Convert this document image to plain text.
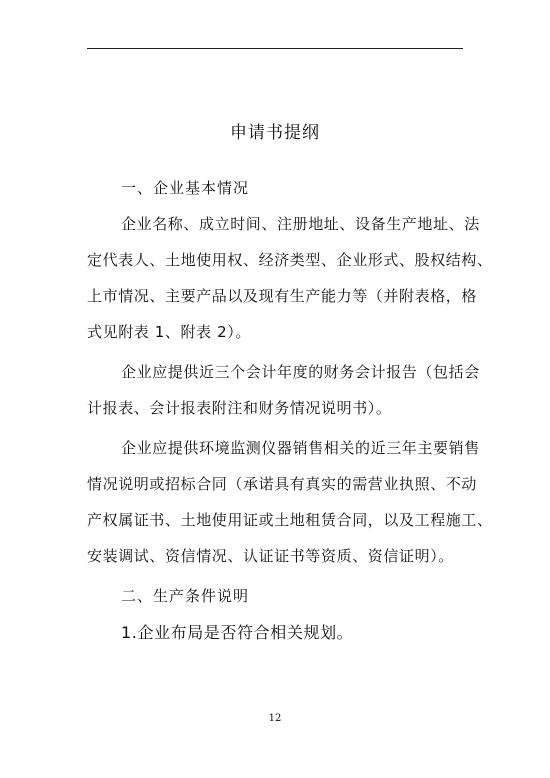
申请书提纲

一、企业基本情况

企业名称、成立时间、注册地址、设备生产地址、法
定代表人、土地使用权、经济类型、企业形式、股权结构、
上市情况、主要产品以及现有生产能力等（并附表格，格
式见附表 1、附表 2）。

企业应提供近三个会计年度的财务会计报告（包括会
计报表、会计报表附注和财务情况说明书）。

企业应提供环境监测仪器销售相关的近三年主要销售
情况说明或招标合同（承诺具有真实的需营业执照、不动
产权属证书、土地使用证或土地租赁合同，以及工程施工、
安装调试、资信情况、认证证书等资质、资信证明）。

二、生产条件说明

1.企业布局是否符合相关规划。

12
